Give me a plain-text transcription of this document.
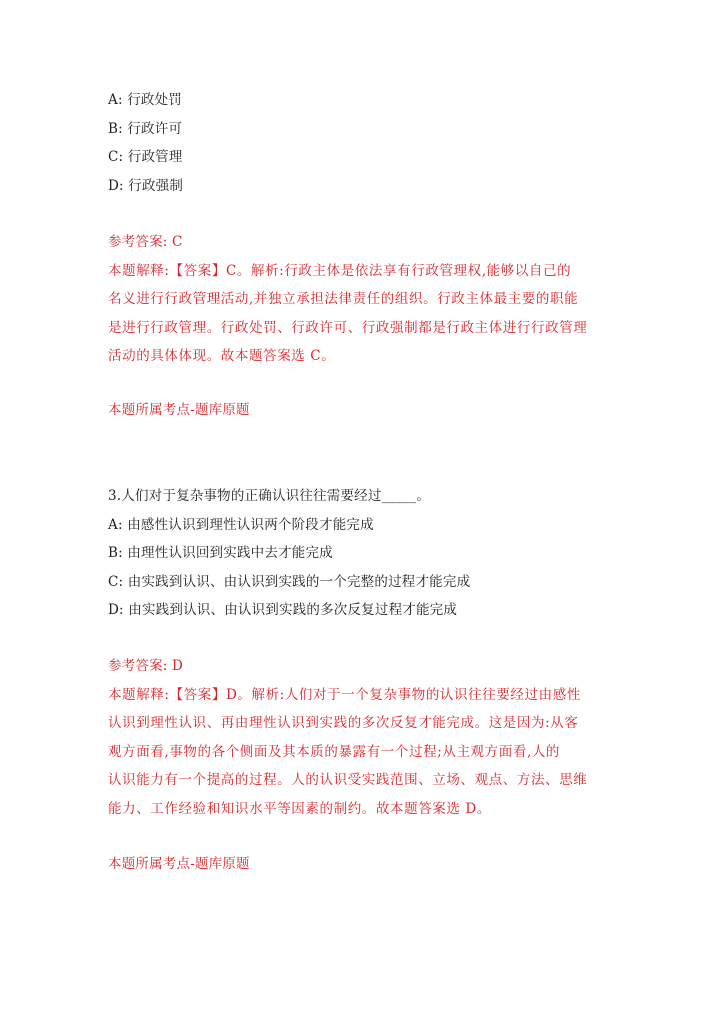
A: 行政处罚
B: 行政许可
C: 行政管理
D: 行政强制
参考答案: C
本题解释:【答案】C。解析:行政主体是依法享有行政管理权,能够以自己的
名义进行行政管理活动,并独立承担法律责任的组织。行政主体最主要的职能
是进行行政管理。行政处罚、行政许可、行政强制都是行政主体进行行政管理
活动的具体体现。故本题答案选 C。
本题所属考点-题库原题
3.人们对于复杂事物的正确认识往往需要经过_____。
A: 由感性认识到理性认识两个阶段才能完成
B: 由理性认识回到实践中去才能完成
C: 由实践到认识、由认识到实践的一个完整的过程才能完成
D: 由实践到认识、由认识到实践的多次反复过程才能完成
参考答案: D
本题解释:【答案】D。解析:人们对于一个复杂事物的认识往往要经过由感性
认识到理性认识、再由理性认识到实践的多次反复才能完成。这是因为:从客
观方面看,事物的各个侧面及其本质的暴露有一个过程;从主观方面看,人的
认识能力有一个提高的过程。人的认识受实践范围、立场、观点、方法、思维
能力、工作经验和知识水平等因素的制约。故本题答案选 D。
本题所属考点-题库原题
